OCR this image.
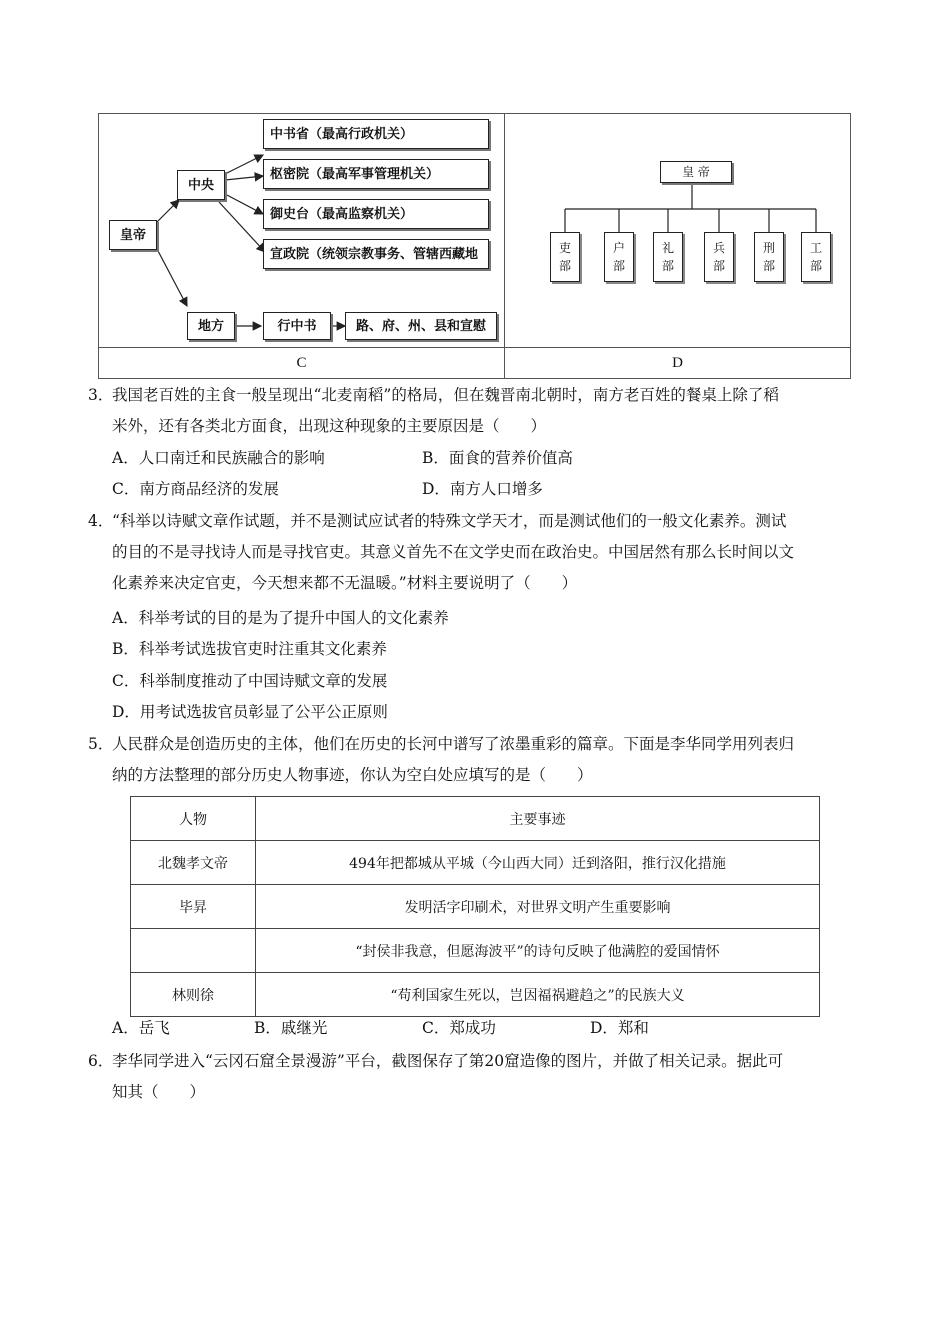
皇帝
中央
地方
中书省（最高行政机关）
枢密院（最高军事管理机关）
御史台（最高监察机关）
宣政院（统领宗教事务、管辖西藏地
行中书	路、府、州、县和宣慰
皇 帝
吏
部
户
部
礼
部
兵
部
刑
部
工
部
C	D
3．我国老百姓的主食一般呈现出“北麦南稻”的格局，但在魏晋南北朝时，南方老百姓的餐桌上除了稻
米外，还有各类北方面食，出现这种现象的主要原因是（　　）
A．人口南迁和民族融合的影响	B．面食的营养价值高
C．南方商品经济的发展	D．南方人口增多
4．“科举以诗赋文章作试题，并不是测试应试者的特殊文学天才，而是测试他们的一般文化素养。测试
的目的不是寻找诗人而是寻找官吏。其意义首先不在文学史而在政治史。中国居然有那么长时间以文
化素养来决定官吏，今天想来都不无温暖。”材料主要说明了（　　）
A．科举考试的目的是为了提升中国人的文化素养
B．科举考试选拔官吏时注重其文化素养
C．科举制度推动了中国诗赋文章的发展
D．用考试选拔官员彰显了公平公正原则
5．人民群众是创造历史的主体，他们在历史的长河中谱写了浓墨重彩的篇章。下面是李华同学用列表归
纳的方法整理的部分历史人物事迹，你认为空白处应填写的是（　　）
人物	主要事迹
北魏孝文帝	494年把都城从平城（今山西大同）迁到洛阳，推行汉化措施
毕昇	发明活字印刷术，对世界文明产生重要影响
	“封侯非我意，但愿海波平”的诗句反映了他满腔的爱国情怀
林则徐	“苟利国家生死以，岂因福祸避趋之”的民族大义
A．岳飞	B．戚继光	C．郑成功	D．郑和
6．李华同学进入“云冈石窟全景漫游”平台，截图保存了第20窟造像的图片，并做了相关记录。据此可
知其（　　）
